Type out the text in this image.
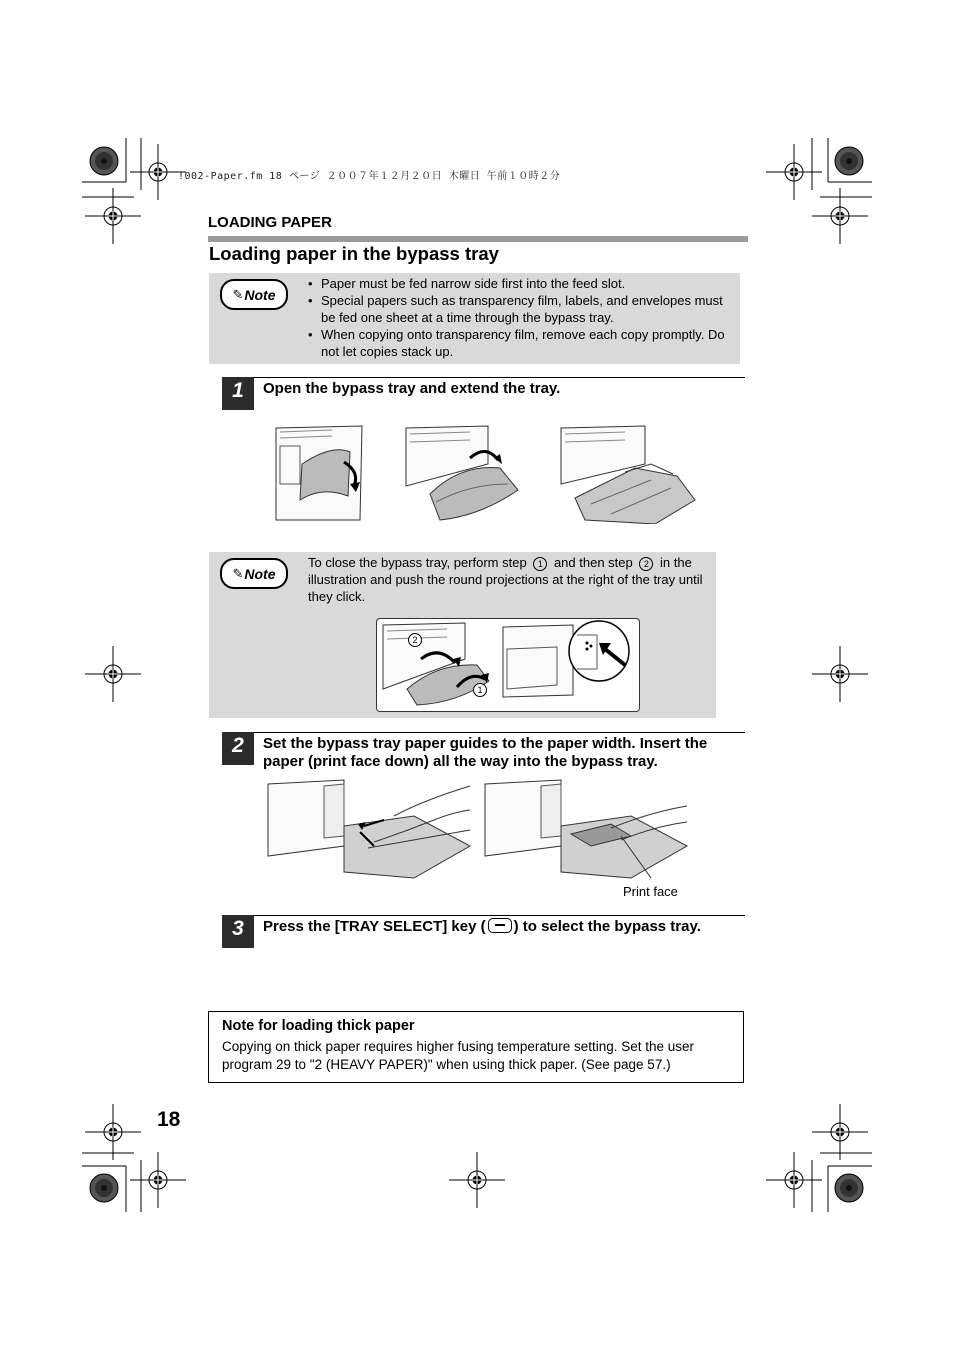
!002-Paper.fm 18 ページ ２００７年１２月２０日 木曜日 午前１０時２分
LOADING PAPER
Loading paper in the bypass tray
✎ Note
• Paper must be fed narrow side first into the feed slot.
• Special papers such as transparency film, labels, and envelopes must be fed one sheet at a time through the bypass tray.
• When copying onto transparency film, remove each copy promptly. Do not let copies stack up.
1	Open the bypass tray and extend the tray.
✎ Note
To close the bypass tray, perform step 1 and then step 2 in the illustration and push the round projections at the right of the tray until they click.
2
1
2	Set the bypass tray paper guides to the paper width. Insert the paper (print face down) all the way into the bypass tray.
Print face
3	Press the [TRAY SELECT] key ( ) to select the bypass tray.
Note for loading thick paper
Copying on thick paper requires higher fusing temperature setting. Set the user program 29 to "2 (HEAVY PAPER)" when using thick paper. (See page 57.)
18
